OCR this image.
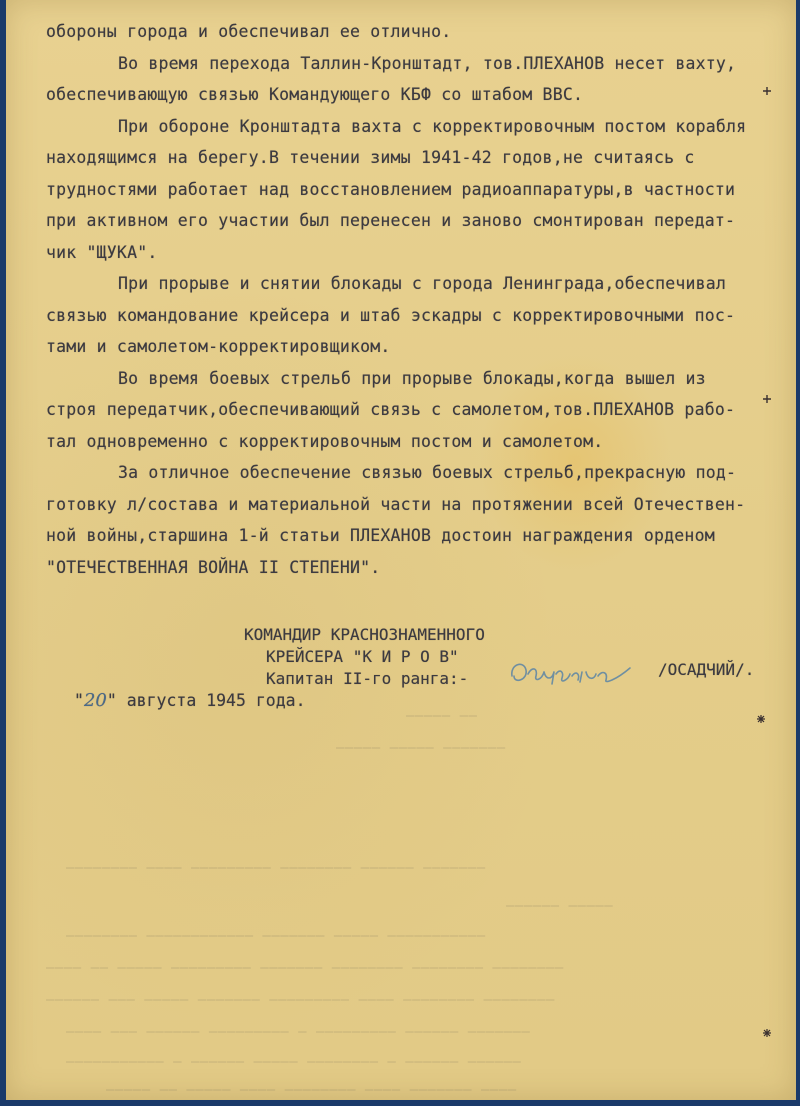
‒‒‒‒‒‒‒‒ ‒‒‒‒ ‒‒‒‒‒‒‒‒‒ ‒‒‒‒‒‒‒‒ ‒‒‒‒‒‒ ‒‒‒‒‒‒‒
‒‒‒‒‒‒ ‒‒‒‒‒
‒‒‒‒‒‒‒‒ ‒‒‒‒‒‒‒‒‒‒‒‒ ‒‒‒‒‒‒‒ ‒‒‒‒‒ ‒‒‒‒‒‒‒‒‒‒‒
‒‒‒‒ ‒‒ ‒‒‒‒‒ ‒‒‒‒‒‒‒‒‒ ‒‒‒‒‒‒‒ ‒‒‒‒‒‒‒‒ ‒‒‒‒‒‒‒‒ ‒‒‒‒‒‒‒‒
‒‒‒‒‒‒ ‒‒‒ ‒‒‒‒‒ ‒‒‒‒‒‒‒ ‒‒‒‒‒‒‒‒‒ ‒‒‒‒ ‒‒‒‒‒‒‒‒ ‒‒‒‒‒‒‒‒
‒‒‒‒ ‒‒‒ ‒‒‒‒‒‒ ‒‒‒‒‒‒‒‒‒ ‒ ‒‒‒‒‒‒‒‒‒ ‒‒‒‒‒‒ ‒‒‒‒‒‒‒
‒‒‒‒‒‒‒‒‒‒‒ ‒ ‒‒‒‒‒‒ ‒‒‒‒‒ ‒‒‒‒‒‒‒‒ ‒ ‒‒‒‒‒‒ ‒‒‒‒‒‒
‒‒‒‒‒ ‒‒ ‒‒‒‒‒ ‒‒‒‒ ‒‒‒‒‒‒‒‒ ‒‒‒‒ ‒‒‒‒‒‒‒ ‒‒‒‒
‒‒‒‒‒ ‒‒‒‒‒ ‒‒‒‒‒‒‒
‒‒‒‒‒ ‒‒
обороны города и обеспечивал ее отлично.
Во время перехода Таллин-Кронштадт, тов.ПЛЕХАНОВ несет вахту,
обеспечивающую связью Командующего КБФ со штабом ВВС.
При обороне Кронштадта вахта с корректировочным постом корабля
находящимся на берегу.В течении зимы 1941-42 годов,не считаясь с
трудностями работает над восстановлением радиоаппаратуры,в частности
при активном его участии был перенесен и заново смонтирован передат-
чик "ЩУКА".
При прорыве и снятии блокады с города Ленинграда,обеспечивал
связью командование крейсера и штаб эскадры с корректировочными пос-
тами и самолетом-корректировщиком.
Во время боевых стрельб при прорыве блокады,когда вышел из
строя передатчик,обеспечивающий связь с самолетом,тов.ПЛЕХАНОВ рабо-
тал одновременно с корректировочным постом и самолетом.
За отличное обеспечение связью боевых стрельб,прекрасную под-
готовку л/состава и материальной части на протяжении всей Отечествен-
ной войны,старшина 1-й статьи ПЛЕХАНОВ достоин награждения орденом
"ОТЕЧЕСТВЕННАЯ ВОЙНА II СТЕПЕНИ".
КОМАНДИР КРАСНОЗНАМЕННОГО
КРЕЙСЕРА "К И Р О В"
Капитан II-го ранга:-	/ОСАДЧИЙ/.
"20" августа 1945 года.
